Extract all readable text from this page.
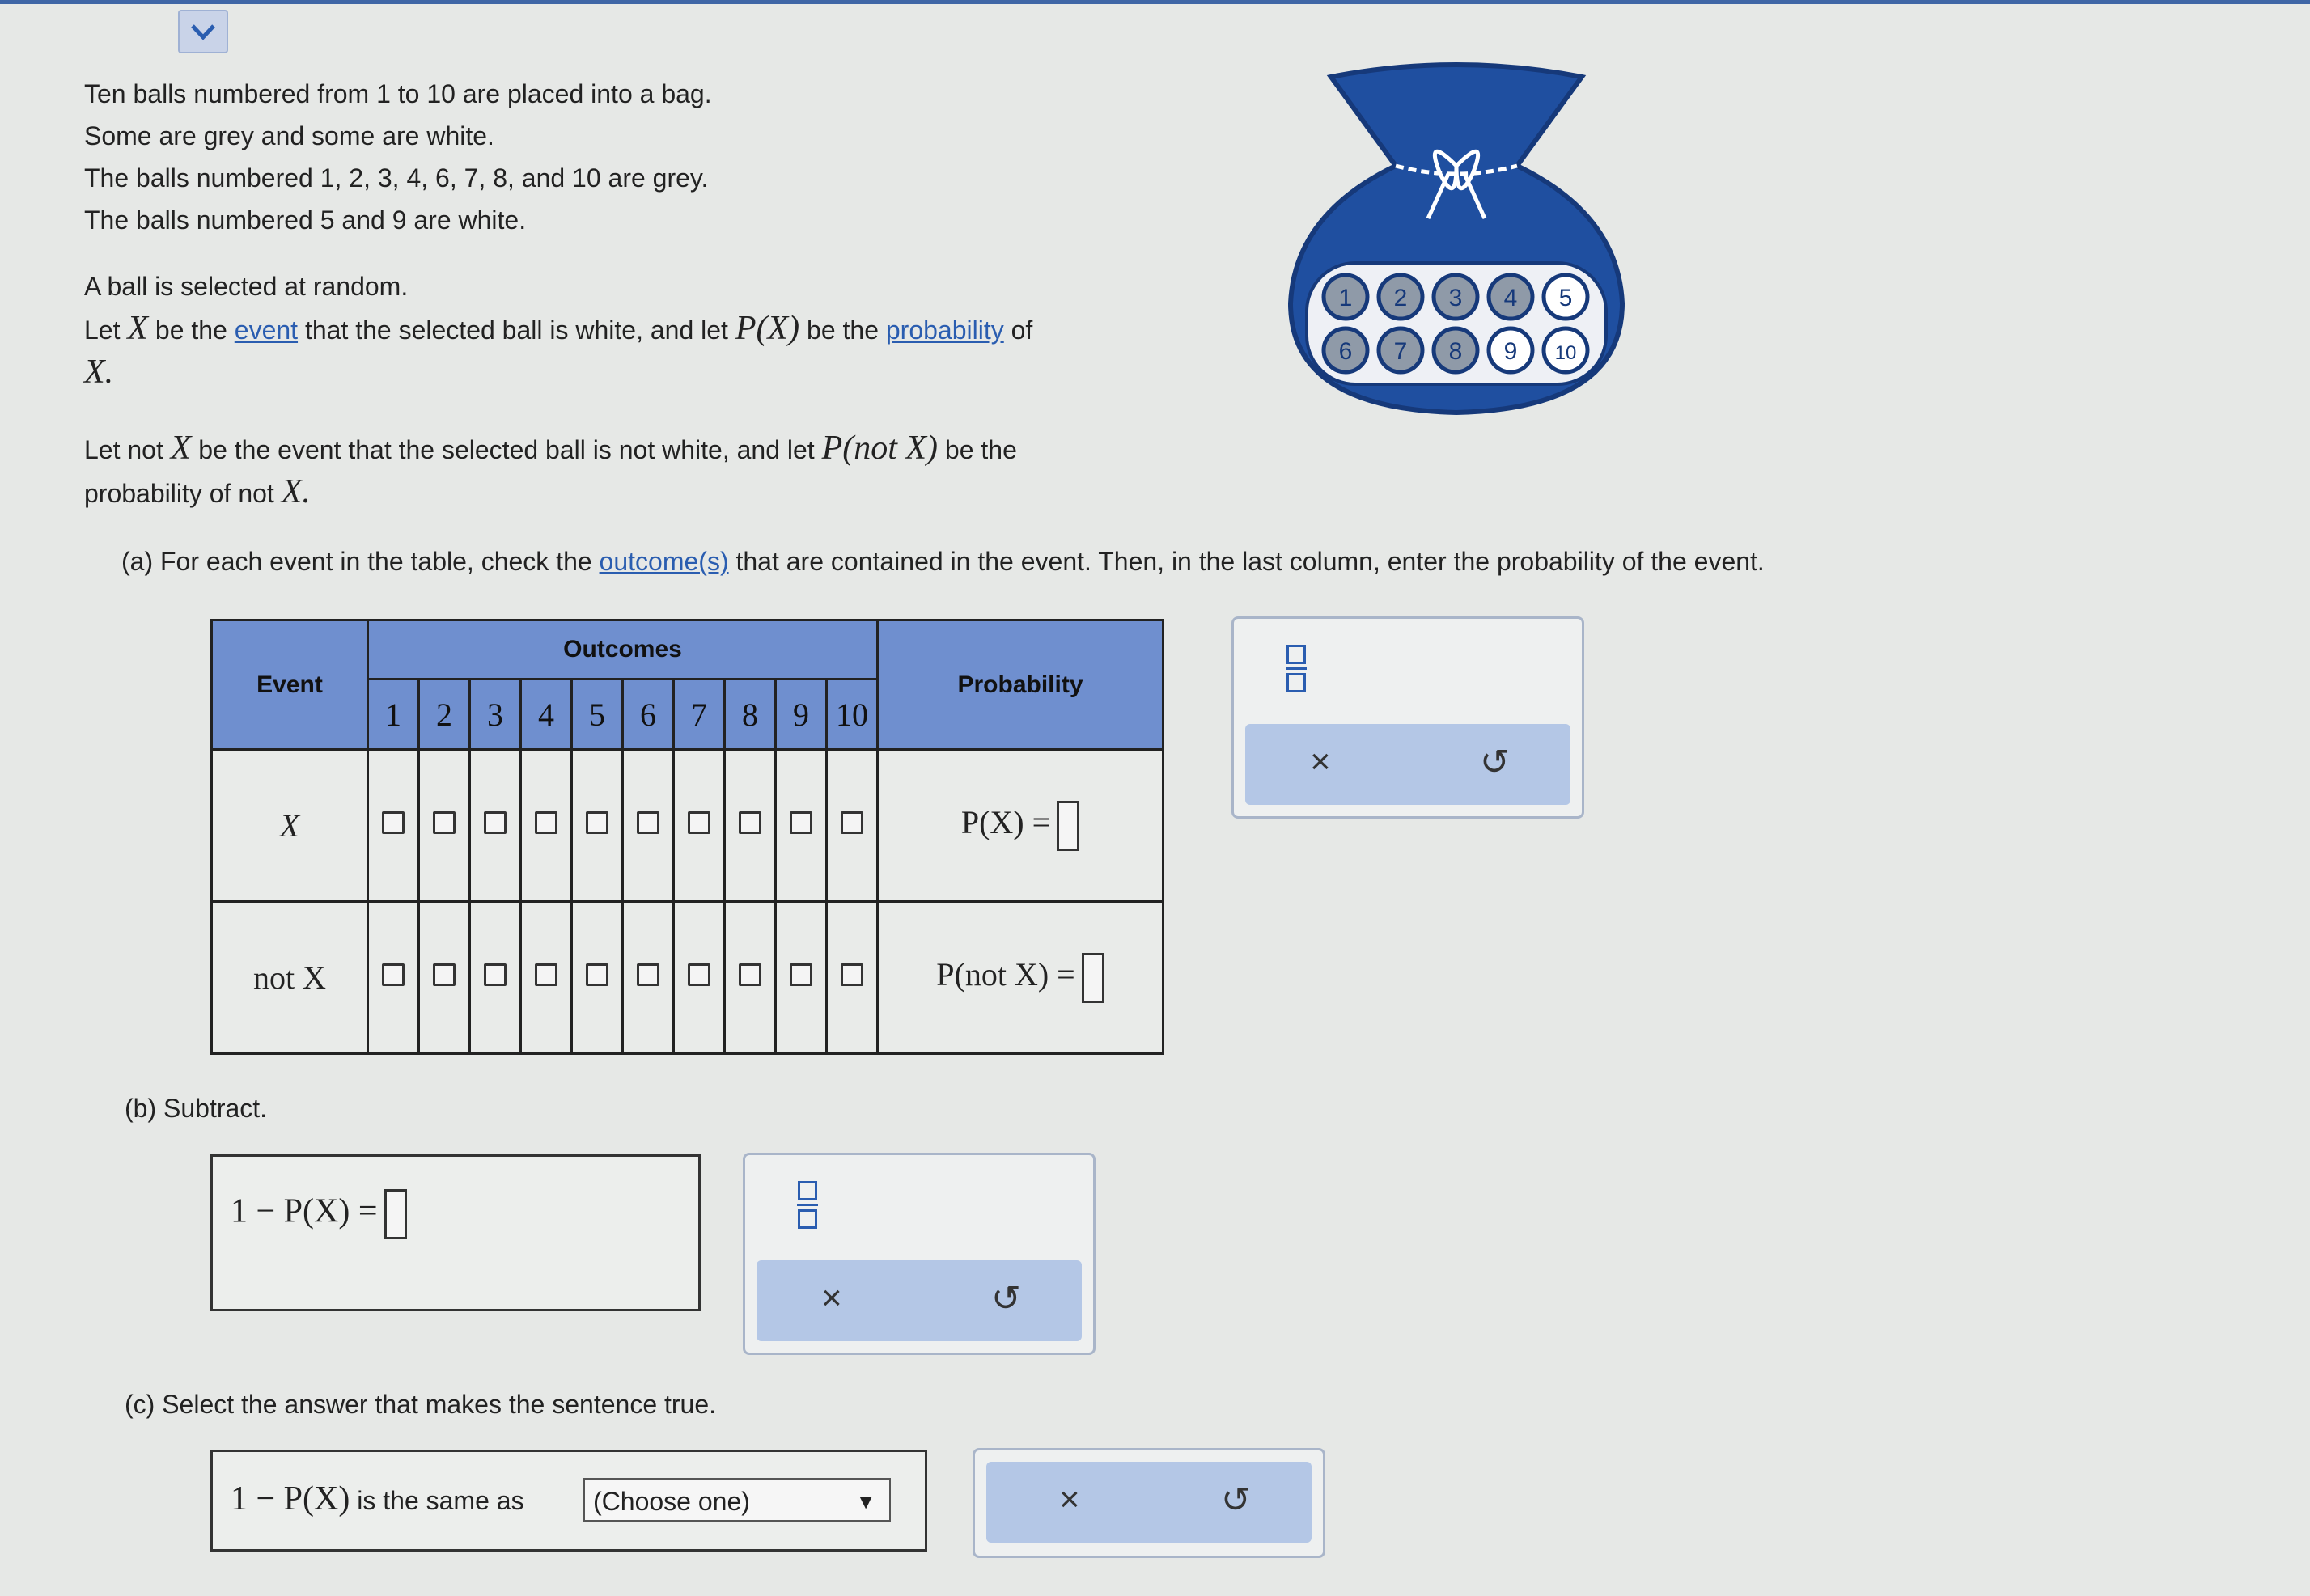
Ten balls numbered from 1 to 10 are placed into a bag.

Some are grey and some are white.

The balls numbered 1, 2, 3, 4, 6, 7, 8, and 10 are grey.

The balls numbered 5 and 9 are white.

A ball is selected at random.

Let X be the event that the selected ball is white, and let P(X) be the probability of

X.

Let not X be the event that the selected ball is not white, and let P(not X) be the

probability of not X.

1 2 3 4 5
6 7 8 9 10
(a) For each event in the table, check the outcome(s) that are contained in the event. Then, in the last column, enter the probability of the event.
Event	Outcomes										Probability
	1	2	3	4	5	6	7	8	9	10	
X											P(X) =
not X											P(not X) =
×	↺
(b) Subtract.
1 − P(X) =
×	↺
(c) Select the answer that makes the sentence true.
1 − P(X) is the same as	(Choose one)	▼	×	↺
